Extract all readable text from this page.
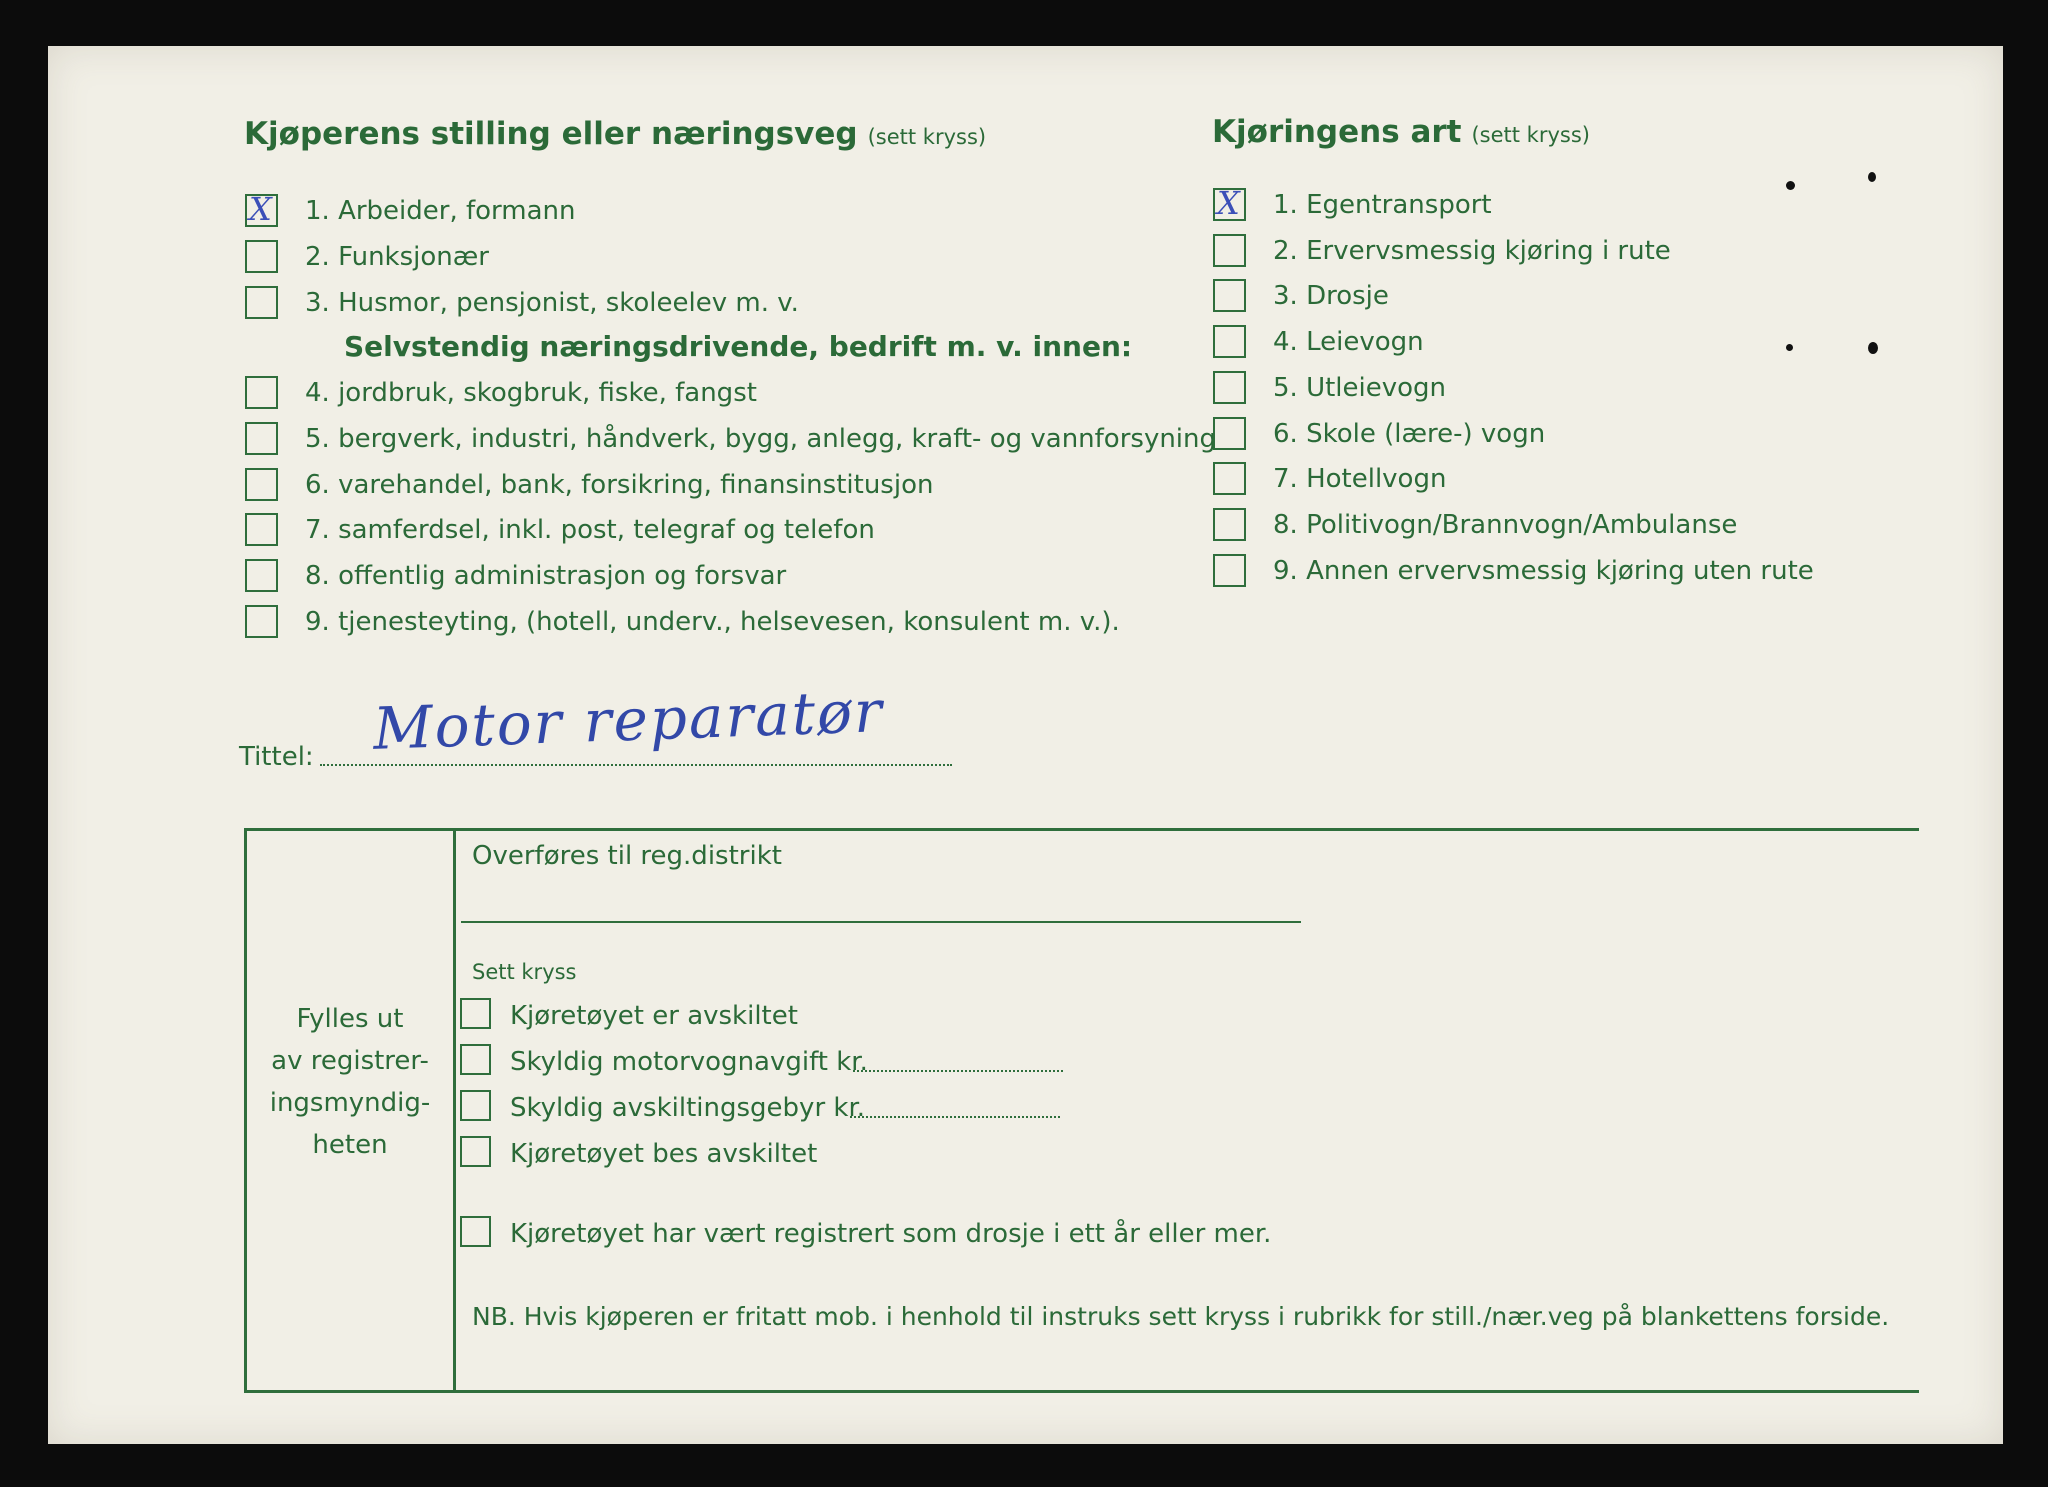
Kjøperens stilling eller næringsveg (sett kryss)
Selvstendig næringsdrivende, bedrift m. v. innen:
Kjøringens art (sett kryss)
Tittel: Motor reparatør
Fylles ut
av registrer-
ingsmyndig-
heten
Overføres til reg.distrikt
Sett kryss
Kjøretøyet er avskiltet
Skyldig motorvognavgift kr.
Skyldig avskiltingsgebyr kr.
Kjøretøyet bes avskiltet
Kjøretøyet har vært registrert som drosje i ett år eller mer.
NB. Hvis kjøperen er fritatt mob. i henhold til instruks sett kryss i rubrikk for still./nær.veg på blankettens forside.
X 1. Arbeider, formann
2. Funksjonær
3. Husmor, pensjonist, skoleelev m. v.
4. jordbruk, skogbruk, fiske, fangst
5. bergverk, industri, håndverk, bygg, anlegg, kraft- og vannforsyning
6. varehandel, bank, forsikring, finansinstitusjon
7. samferdsel, inkl. post, telegraf og telefon
8. offentlig administrasjon og forsvar
9. tjenesteyting, (hotell, underv., helsevesen, konsulent m. v.).
X 1. Egentransport
2. Ervervsmessig kjøring i rute
3. Drosje
4. Leievogn
5. Utleievogn
6. Skole (lære-) vogn
7. Hotellvogn
8. Politivogn/Brannvogn/Ambulanse
9. Annen ervervsmessig kjøring uten rute
